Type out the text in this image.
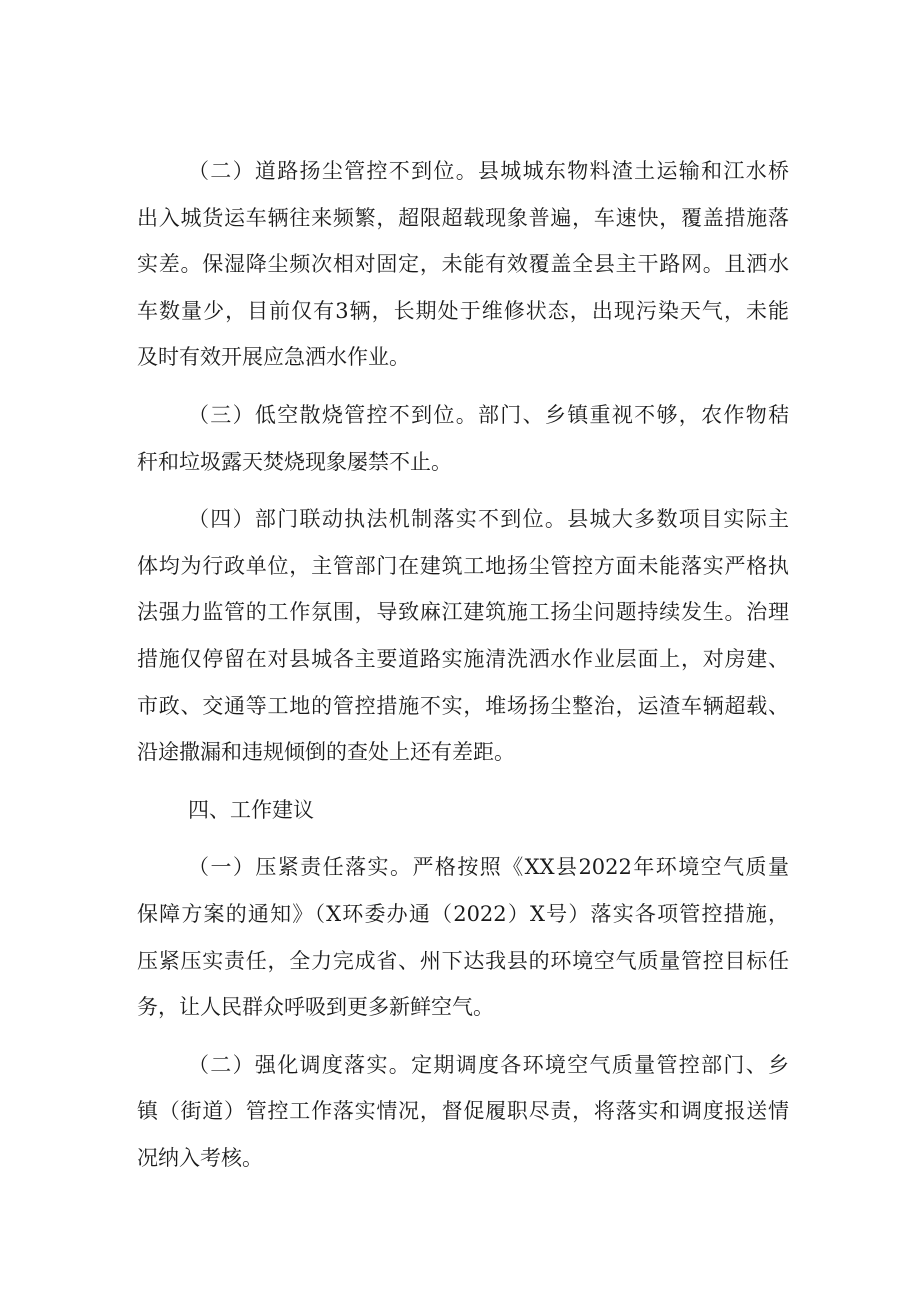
（二）道路扬尘管控不到位。县城城东物料渣土运输和江水桥
出入城货运车辆往来频繁，超限超载现象普遍，车速快，覆盖措施落
实差。保湿降尘频次相对固定，未能有效覆盖全县主干路网。且洒水
车数量少，目前仅有3辆，长期处于维修状态，出现污染天气，未能
及时有效开展应急洒水作业。
（三）低空散烧管控不到位。部门、乡镇重视不够，农作物秸
秆和垃圾露天焚烧现象屡禁不止。
（四）部门联动执法机制落实不到位。县城大多数项目实际主
体均为行政单位，主管部门在建筑工地扬尘管控方面未能落实严格执
法强力监管的工作氛围，导致麻江建筑施工扬尘问题持续发生。治理
措施仅停留在对县城各主要道路实施清洗洒水作业层面上，对房建、
市政、交通等工地的管控措施不实，堆场扬尘整治，运渣车辆超载、
沿途撒漏和违规倾倒的查处上还有差距。
四、工作建议
（一）压紧责任落实。严格按照《XX县2022年环境空气质量
保障方案的通知》（X环委办通（2022）X号）落实各项管控措施，
压紧压实责任，全力完成省、州下达我县的环境空气质量管控目标任
务，让人民群众呼吸到更多新鲜空气。
（二）强化调度落实。定期调度各环境空气质量管控部门、乡
镇（街道）管控工作落实情况，督促履职尽责，将落实和调度报送情
况纳入考核。
